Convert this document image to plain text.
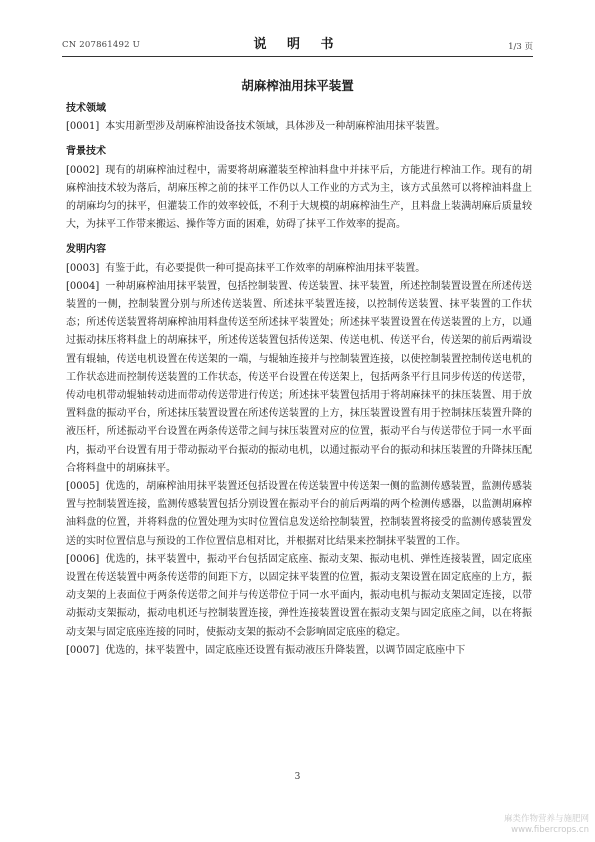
CN 207861492 U	说 明 书	1/3 页
胡麻榨油用抹平装置

技术领域

[0001] 本实用新型涉及胡麻榨油设备技术领域，具体涉及一种胡麻榨油用抹平装置。

背景技术

[0002] 现有的胡麻榨油过程中，需要将胡麻灌装至榨油料盘中并抹平后，方能进行榨油工作。现有的胡麻榨油技术较为落后，胡麻压榨之前的抹平工作仍以人工作业的方式为主，该方式虽然可以将榨油料盘上的胡麻均匀的抹平，但灌装工作的效率较低，不利于大规模的胡麻榨油生产，且料盘上装满胡麻后质量较大，为抹平工作带来搬运、操作等方面的困难，妨碍了抹平工作效率的提高。

发明内容

[0003] 有鉴于此，有必要提供一种可提高抹平工作效率的胡麻榨油用抹平装置。

[0004] 一种胡麻榨油用抹平装置，包括控制装置、传送装置、抹平装置，所述控制装置设置在所述传送装置的一侧，控制装置分别与所述传送装置、所述抹平装置连接，以控制传送装置、抹平装置的工作状态；所述传送装置将胡麻榨油用料盘传送至所述抹平装置处；所述抹平装置设置在传送装置的上方，以通过振动抹压将料盘上的胡麻抹平，所述传送装置包括传送架、传送电机、传送平台，传送架的前后两端设置有辊轴，传送电机设置在传送架的一端，与辊轴连接并与控制装置连接，以使控制装置控制传送电机的工作状态进而控制传送装置的工作状态，传送平台设置在传送架上，包括两条平行且同步传送的传送带，传动电机带动辊轴转动进而带动传送带进行传送；所述抹平装置包括用于将胡麻抹平的抹压装置、用于放置料盘的振动平台，所述抹压装置设置在所述传送装置的上方，抹压装置设置有用于控制抹压装置升降的液压杆，所述振动平台设置在两条传送带之间与抹压装置对应的位置，振动平台与传送带位于同一水平面内，振动平台设置有用于带动振动平台振动的振动电机，以通过振动平台的振动和抹压装置的升降抹压配合将料盘中的胡麻抹平。

[0005] 优选的，胡麻榨油用抹平装置还包括设置在传送装置中传送架一侧的监测传感装置，监测传感装置与控制装置连接，监测传感装置包括分别设置在振动平台的前后两端的两个检测传感器，以监测胡麻榨油料盘的位置，并将料盘的位置处理为实时位置信息发送给控制装置，控制装置将接受的监测传感装置发送的实时位置信息与预设的工作位置信息相对比，并根据对比结果来控制抹平装置的工作。

[0006] 优选的，抹平装置中，振动平台包括固定底座、振动支架、振动电机、弹性连接装置，固定底座设置在传送装置中两条传送带的间距下方，以固定抹平装置的位置，振动支架设置在固定底座的上方，振动支架的上表面位于两条传送带之间并与传送带位于同一水平面内，振动电机与振动支架固定连接，以带动振动支架振动，振动电机还与控制装置连接，弹性连接装置设置在振动支架与固定底座之间，以在将振动支架与固定底座连接的同时，使振动支架的振动不会影响固定底座的稳定。

[0007] 优选的，抹平装置中，固定底座还设置有振动液压升降装置，以调节固定底座中下

3
麻类作物营养与施肥网
www.fibercrops.cn
